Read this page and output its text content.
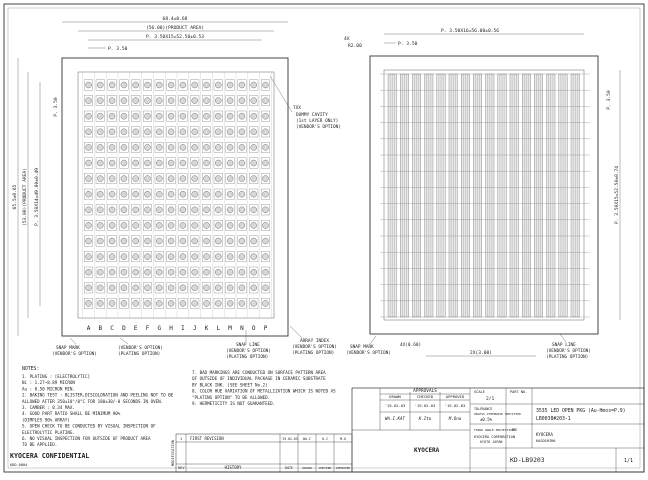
A B C D E F G H I J K L M N O P
68.4±0.68
(56.00)(PRODUCT AREA)
P. 3.50X15=52.50±0.53
P. 3.50
65.5±0.65 (53.00)(PRODUCT AREA) P. 3.50X14=49.00±0.49
P. 3.50	7XX
DUMMY CAVITY
(1st LAYER ONLY)
(VENDOR'S OPTION)
SNAP MARK
(VENDOR'S OPTION)
(VENDOR'S OPTION)
(PLATING OPTION)
SNAP LINE
(VENDOR'S OPTION)
(PLATING OPTION)
ARRAY INDEX
(VENDOR'S OPTION)
(PLATING OPTION)
4X
R2.00
P. 3.50X16=56.00±0.56
P. 3.50
P. 3.50
P. 3.50X15=52.50±0.74
2X(3.00)
4X(0.60)
SNAP MARK
(VENDOR'S OPTION)
SNAP LINE
(VENDOR'S OPTION)
(PLATING OPTION)
NOTES:
1. PLATING : [ELECTROLYTIC]
Ni : 1.27~8.89 MICRON
Au : 0.50 MICRON MIN.
2. BAKING TEST : BLISTER,DISCOLORATION AND PEELING NOT TO BE
ALLOWED AFTER 350±10°/0°C FOR 180±30/-0 SECONDS IN OVEN.
3. CAMBER : 0.34 MAX.
4. GOOD PART RATIO SHALL BE MINIMUM 90%
(DIMPLES 90% ARRAY)
5. OPEN CHECK TO BE CONDUCTED BY VISUAL INSPECTION OF
ELECTROLYTIC PLATING.
6. NO VISUAL INSPECTION FOR OUTSIDE OF PRODUCT AREA
TO BE APPLIED.
7. BAD MARKINGS ARE CONDUCTED ON SURFACE PATTERN AREA
OF OUTSIDE OF INDIVIDUAL PACKAGE IN CERAMIC SUBSTRATE
BY BLACK INK. (SEE SHEET No.2)
8. COLOR HUE VARIATION OF METALLIZATION WHICH IS NOTED AS
"PLATING OPTION" TO BE ALLOWED.
9. HERMETICITY IS NOT GUARANTEED.
APPROVALS
DRAWN	CHECKED	APPROVED
'19.02.03 '19.02.03 '19.02.03
WA.I.KAT	K.Ito	M.Ono
SCALE
2/1
PART NO.
3535 LED OPEN PKG (Au-Hmos=P.9)
LB0038#203-1
TOLERANCE
UNLESS OTHERWISE SPECIFIED
±0.5%
THIRD ANGLE PROJECTION
mm
KYOCERA CORPORATION
KYOTO JAPAN
KYOCERA
KAGOSHIMA
KD-LB9203	1/1
KYOCERA
REV	HISTORY	DATE	DRAWN CHECKED APPROVED
1 FIRST REVISION	'19.02.03 WA.I	K.I	M.O
MODIFICATION
KYOCERA CONFIDENTIAL
KDD-0004
